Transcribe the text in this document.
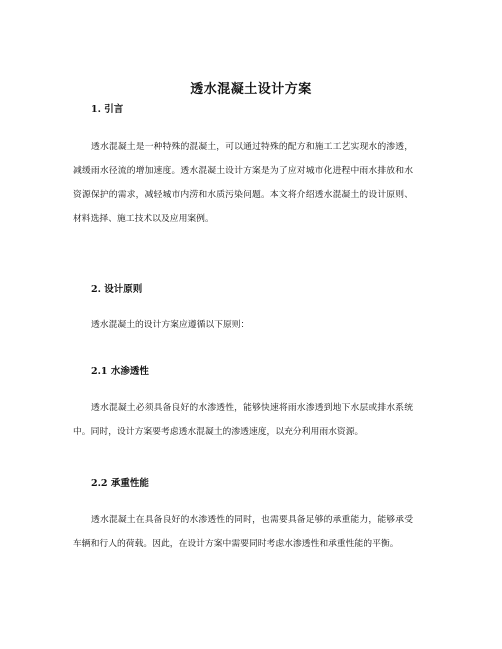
透水混凝土设计方案
1. 引言

透水混凝土是一种特殊的混凝土，可以通过特殊的配方和施工工艺实现水的渗透，减缓雨水径流的增加速度。透水混凝土设计方案是为了应对城市化进程中雨水排放和水资源保护的需求，减轻城市内涝和水质污染问题。本文将介绍透水混凝土的设计原则、材料选择、施工技术以及应用案例。

2. 设计原则

透水混凝土的设计方案应遵循以下原则：

2.1 水渗透性

透水混凝土必须具备良好的水渗透性，能够快速将雨水渗透到地下水层或排水系统中。同时，设计方案要考虑透水混凝土的渗透速度，以充分利用雨水资源。

2.2 承重性能

透水混凝土在具备良好的水渗透性的同时，也需要具备足够的承重能力，能够承受车辆和行人的荷载。因此，在设计方案中需要同时考虑水渗透性和承重性能的平衡。
